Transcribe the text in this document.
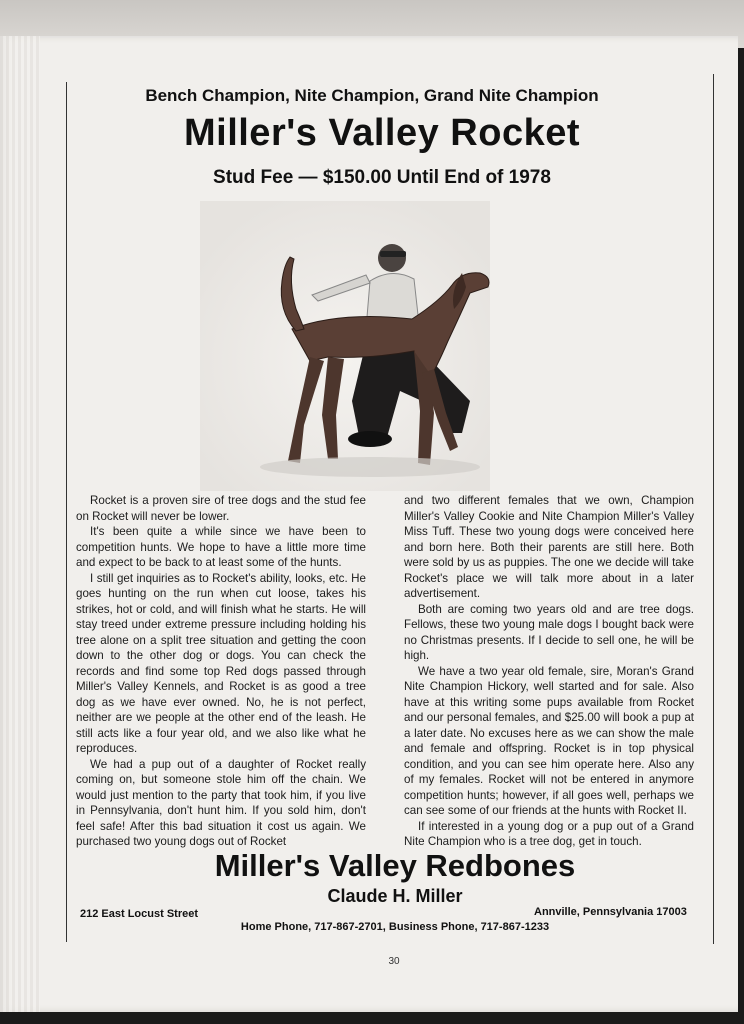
Bench Champion, Nite Champion, Grand Nite Champion
Miller's Valley Rocket
Stud Fee — $150.00 Until End of 1978

Rocket is a proven sire of tree dogs and the stud fee on Rocket will never be lower.

It's been quite a while since we have been to competition hunts. We hope to have a little more time and expect to be back to at least some of the hunts.

I still get inquiries as to Rocket's ability, looks, etc. He goes hunting on the run when cut loose, takes his strikes, hot or cold, and will finish what he starts. He will stay treed under extreme pressure including holding his tree alone on a split tree situation and getting the coon down to the other dog or dogs. You can check the records and find some top Red dogs passed through Miller's Valley Kennels, and Rocket is as good a tree dog as we have ever owned. No, he is not perfect, neither are we people at the other end of the leash. He still acts like a four year old, and we also like what he reproduces.

We had a pup out of a daughter of Rocket really coming on, but someone stole him off the chain. We would just mention to the party that took him, if you live in Pennsylvania, don't hunt him. If you sold him, don't feel safe! After this bad situation it cost us again. We purchased two young dogs out of Rocket

and two different females that we own, Champion Miller's Valley Cookie and Nite Champion Miller's Valley Miss Tuff. These two young dogs were conceived here and born here. Both their parents are still here. Both were sold by us as puppies. The one we decide will take Rocket's place we will talk more about in a later advertisement.

Both are coming two years old and are tree dogs. Fellows, these two young male dogs I bought back were no Christmas presents. If I decide to sell one, he will be high.

We have a two year old female, sire, Moran's Grand Nite Champion Hickory, well started and for sale. Also have at this writing some pups available from Rocket and our personal females, and $25.00 will book a pup at a later date. No excuses here as we can show the male and female and offspring. Rocket is in top physical condition, and you can see him operate here. Also any of my females. Rocket will not be entered in anymore competition hunts; however, if all goes well, perhaps we can see some of our friends at the hunts with Rocket II.

If interested in a young dog or a pup out of a Grand Nite Champion who is a tree dog, get in touch.

Miller's Valley Redbones
Claude H. Miller
212 East Locust Street	Annville, Pennsylvania 17003
Home Phone, 717-867-2701, Business Phone, 717-867-1233
30
